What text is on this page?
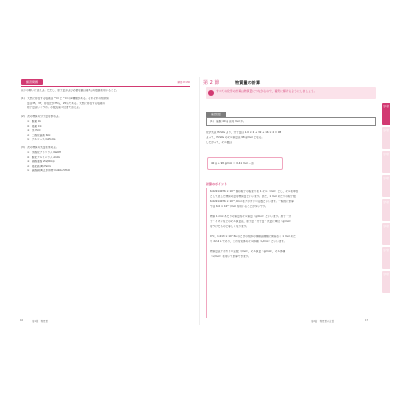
練習問題	解答 P.130
以下の問いに答えよ。ただし、原子量および必要な値は第7章の数値を用いること。
(1)　天然に存在する塩素は ³⁵Cl と ³⁷Cl の2種類がある。それぞれの相対質
量は35，37，存在比が75％，25％である。天然に存在する塩素の
原子量はいくつか。小数点第１位まで答えよ。
(2)　次の物質の分子量を求めよ。
①　酸素 O₂
②　塩素 Cl₂
③　水 H₂O
④　二酸化硫黄 SO₂
⑤　グルコース C₆H₁₂O₆
(3)　次の物質の式量を求めよ。
①　水酸化ナトリウム NaOH
②　酸化アルミニウム Al₂O₃
③　硝酸亜鉛 Zn(NO₃)₂
④　塩化鉄(Ⅲ) FeCl₃
⑤　硫酸銅(Ⅱ)五水和物 CuSO₄·5H₂O
16	第1章　物質量
第 2 節	物質量の計算
すべての化学の計算は物質量につながるので，確実に解けるようにしましょう。
確認問題
(1)　硫酸 40 g は何 mol か。
化学式は H₂SO₄ より，分子量は 1.0 × 2 + 32 + 16 × 4 = 98
よって，H₂SO₄ のモル質量は 98 g/mol となる。
したがって，モル数は
40 g ÷ 98 g/mol ＝ 0.41 mol …答
計算のポイント
6.02214076 × 10²³ 個の粒子の集まりを 1 モル（mol）とし，モルを単位
として表した物質の量を物質量といいます。また，1 mol あたりの粒子数
6.02214076 × 10²³ /mol をアボガドロ定数といいます。一般的に計算
では 6.0 × 10²³ /mol を用いることが多いです。
物質 1 mol あたりの質量をモル質量（g/mol）といいます。原子・分
子・イオンなどのモル質量は，原子量・分子量・式量に単位（g/mol）
をつけたものと等しくなります。
0℃，1.013 × 10⁵ Pa のときの気体の体積は種類に関係なく 1 mol あた
り 22.4 L であり，これを気体のモル体積（L/mol）といいます。
物質量はアボガドロ定数（/mol），モル質量（g/mol），モル体積
（L/mol）を用いて計算できます。
第2節　物質量の計算	17
第1章
第2章
第3章
第4章
第5章
第6章
第7章
第8章
